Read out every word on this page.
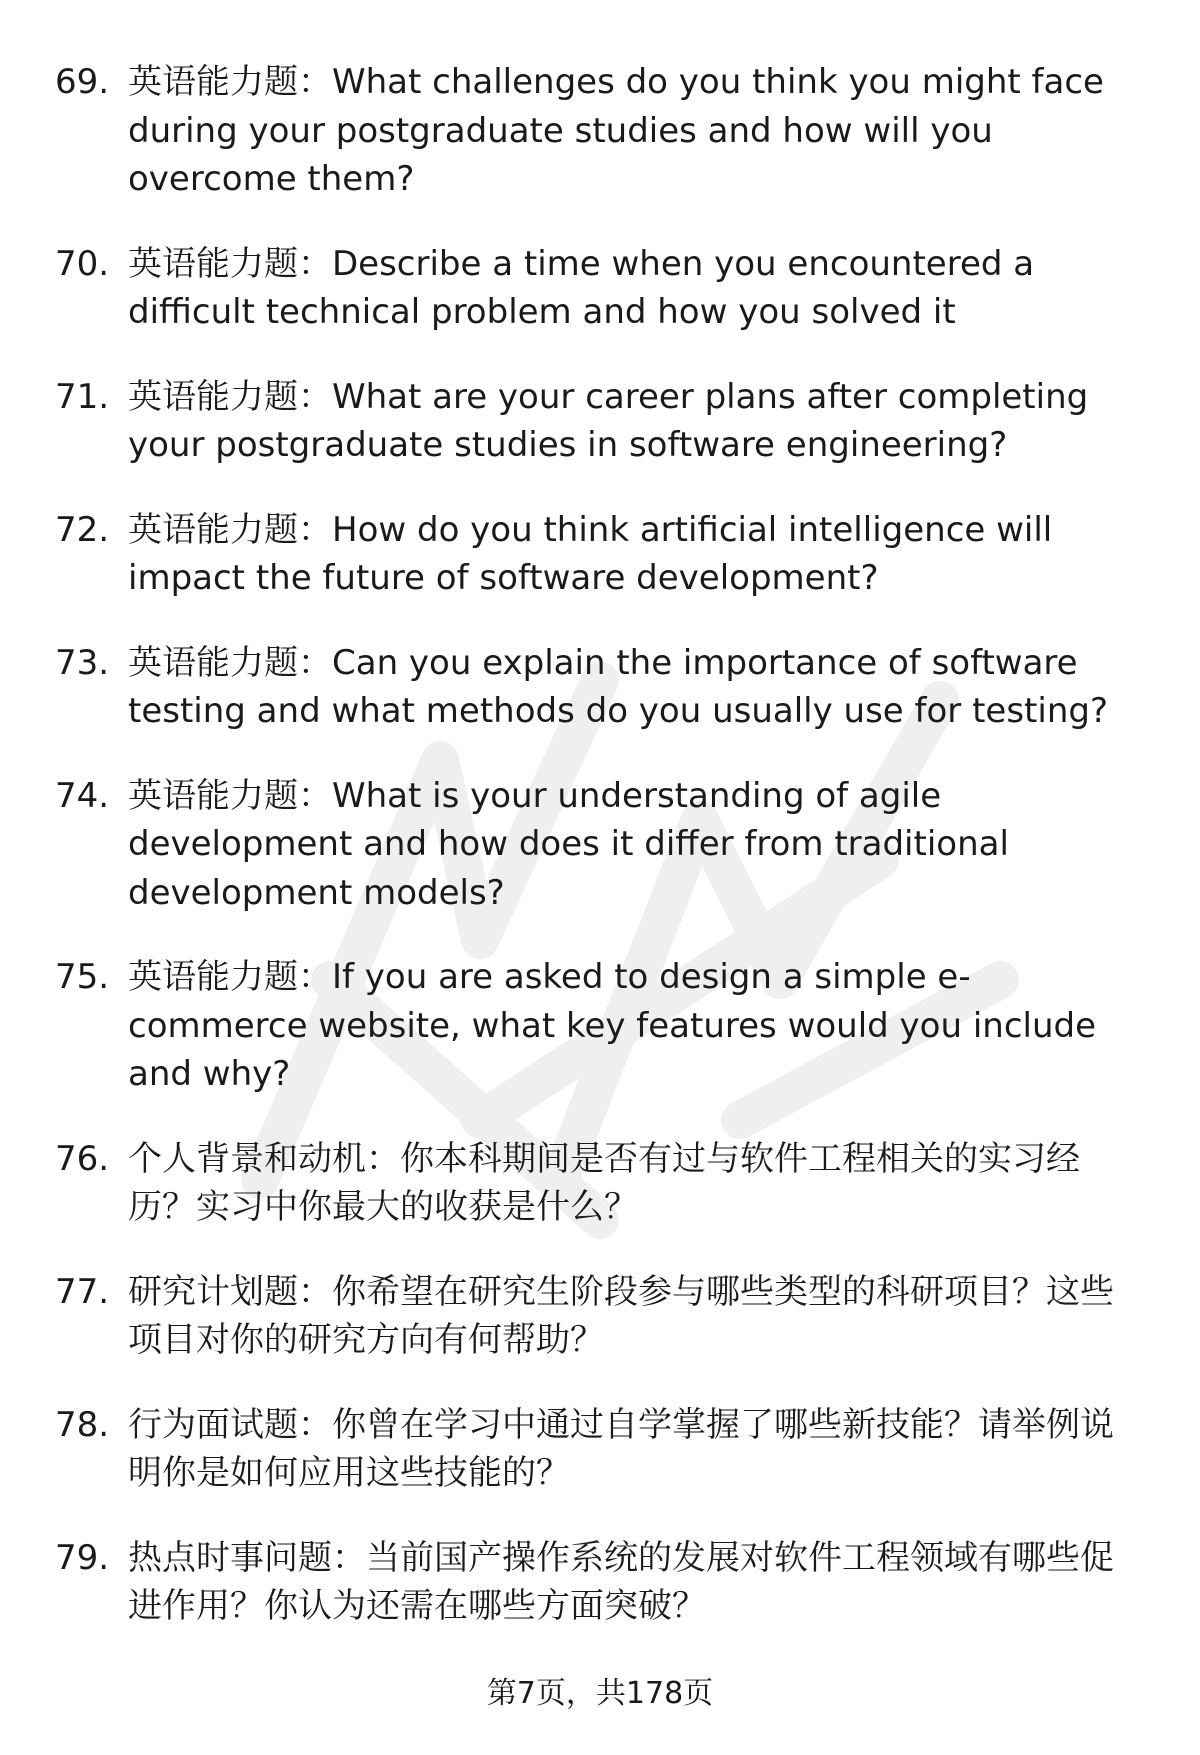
69. 英语能力题：What challenges do you think you might face during your postgraduate studies and how will you overcome them?
70. 英语能力题：Describe a time when you encountered a difficult technical problem and how you solved it
71. 英语能力题：What are your career plans after completing your postgraduate studies in software engineering?
72. 英语能力题：How do you think artificial intelligence will impact the future of software development?
73. 英语能力题：Can you explain the importance of software testing and what methods do you usually use for testing?
74. 英语能力题：What is your understanding of agile development and how does it differ from traditional development models?
75. 英语能力题：If you are asked to design a simple e-commerce website, what key features would you include and why?
76. 个人背景和动机：你本科期间是否有过与软件工程相关的实习经历？实习中你最大的收获是什么？
77. 研究计划题：你希望在研究生阶段参与哪些类型的科研项目？这些项目对你的研究方向有何帮助？
78. 行为面试题：你曾在学习中通过自学掌握了哪些新技能？请举例说明你是如何应用这些技能的？
79. 热点时事问题：当前国产操作系统的发展对软件工程领域有哪些促进作用？你认为还需在哪些方面突破？
第7页，共178页
